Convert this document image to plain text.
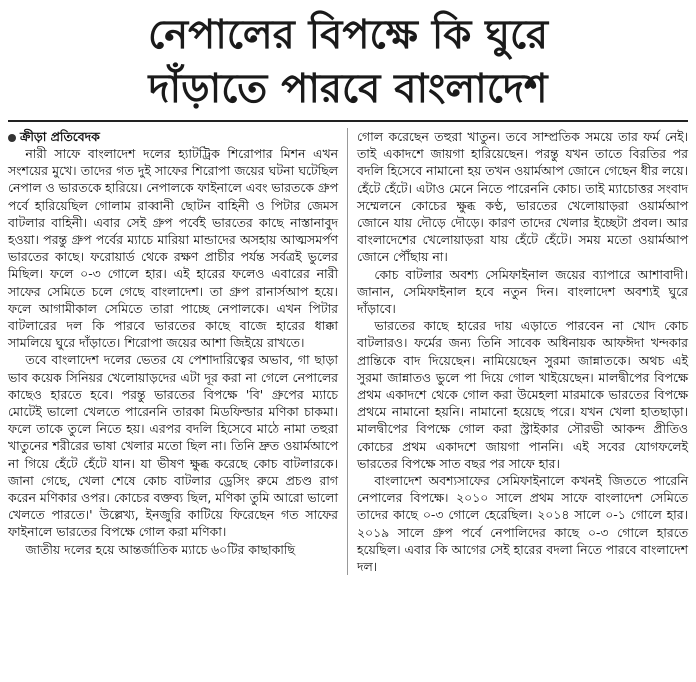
নেপালের বিপক্ষে কি ঘুরে
দাঁড়াতে পারবে বাংলাদেশ
ক্রীড়া প্রতিবেদক

নারী সাফে বাংলাদেশ দলের হ্যাটট্রিক শিরোপার মিশন এখন সংশয়ের মুখে। তাদের গত দুই সাফের শিরোপা জয়ের ঘটনা ঘটেছিল নেপাল ও ভারতকে হারিয়ে। নেপালকে ফাইনালে এবং ভারতকে গ্রুপ পর্বে হারিয়েছিল গোলাম রাব্বানী ছোটন বাহিনী ও পিটার জেমস বাটলার বাহিনী। এবার সেই গ্রুপ পর্বেই ভারতের কাছে নাস্তানাবুদ হওয়া। পরন্তু গ্রুপ পর্বের ম্যাচে মারিয়া মান্ডাদের অসহায় আত্মসমর্পণ ভারতের কাছে। ফরোয়ার্ড থেকে রক্ষণ প্রাচীর পর্যন্ত সর্বত্রই ভুলের মিছিল। ফলে ০-৩ গোলে হার। এই হারের ফলেও এবারের নারী সাফের সেমিতে চলে গেছে বাংলাদেশ। তা গ্রুপ রানার্সআপ হয়ে। ফলে আগামীকাল সেমিতে তারা পাচ্ছে নেপালকে। এখন পিটার বাটলারের দল কি পারবে ভারতের কাছে বাজে হারের ধাক্কা সামলিয়ে ঘুরে দাঁড়াতে। শিরোপা জয়ের আশা জিইয়ে রাখতে।

তবে বাংলাদেশ দলের ভেতর যে পেশাদারিত্বের অভাব, গা ছাড়া ভাব কয়েক সিনিয়র খেলোয়াড়দের এটা দূর করা না গেলে নেপালের কাছেও হারতে হবে। পরন্তু ভারতের বিপক্ষে 'বি' গ্রুপের ম্যাচে মোটেই ভালো খেলতে পারেননি তারকা মিডফিল্ডার মণিকা চাকমা। ফলে তাকে তুলে নিতে হয়। এরপর বদলি হিসেবে মাঠে নামা তহুরা খাতুনের শরীরের ভাষা খেলার মতো ছিল না। তিনি দ্রুত ওয়ার্মআপে না গিয়ে হেঁটে হেঁটে যান। যা ভীষণ ক্ষুব্ধ করেছে কোচ বাটলারকে। জানা গেছে, খেলা শেষে কোচ বাটলার ড্রেসিং রুমে প্রচণ্ড রাগ করেন মণিকার ওপর। কোচের বক্তব্য ছিল, মণিকা তুমি আরো ভালো খেলতে পারতে।' উল্লেখ্য, ইনজুরি কাটিয়ে ফিরেছেন গত সাফের ফাইনালে ভারতের বিপক্ষে গোল করা মণিকা।

জাতীয় দলের হয়ে আন্তর্জাতিক ম্যাচে ৬০টির কাছাকাছি

গোল করেছেন তহুরা খাতুন। তবে সাম্প্রতিক সময়ে তার ফর্ম নেই। তাই একাদশে জায়গা হারিয়েছেন। পরন্তু যখন তাতে বিরতির পর বদলি হিসেবে নামানো হয় তখন ওয়ার্মআপ জোনে গেছেন ধীর লয়ে। হেঁটে হেঁটে। এটাও মেনে নিতে পারেননি কোচ। তাই ম্যাচোত্তর সংবাদ সম্মেলনে কোচের ক্ষুব্ধ কণ্ঠ, ভারতের খেলোয়াড়রা ওয়ার্মআপ জোনে যায় দৌড়ে দৌড়ে। কারণ তাদের খেলার ইচ্ছেটা প্রবল। আর বাংলাদেশের খেলোয়াড়রা যায় হেঁটে হেঁটে। সময় মতো ওয়ার্মআপ জোনে পৌঁছায় না।

কোচ বাটলার অবশ্য সেমিফাইনাল জয়ের ব্যাপারে আশাবাদী। জানান, সেমিফাইনাল হবে নতুন দিন। বাংলাদেশ অবশ্যই ঘুরে দাঁড়াবে।

ভারতের কাছে হারের দায় এড়াতে পারবেন না খোদ কোচ বাটলারও। ফর্মের জন্য তিনি সাবেক অধিনায়ক আফঈদা খন্দকার প্রান্তিকে বাদ দিয়েছেন। নামিয়েছেন সুরমা জান্নাতকে। অথচ এই সুরমা জান্নাতও ভুলে পা দিয়ে গোল খাইয়েছেন। মালদ্বীপের বিপক্ষে প্রথম একাদশে থেকে গোল করা উমেহলা মারমাকে ভারতের বিপক্ষে প্রথমে নামানো হয়নি। নামানো হয়েছে পরে। যখন খেলা হাতছাড়া। মালদ্বীপের বিপক্ষে গোল করা স্ট্রাইকার সৌরভী আকন্দ প্রীতিও কোচের প্রথম একাদশে জায়গা পাননি। এই সবের যোগফলেই ভারতের বিপক্ষে সাত বছর পর সাফে হার।

বাংলাদেশ অবশ্যসাফের সেমিফাইনালে কখনই জিততে পারেনি নেপালের বিপক্ষে। ২০১০ সালে প্রথম সাফে বাংলাদেশ সেমিতে তাদের কাছে ০-৩ গোলে হেরেছিল। ২০১৪ সালে ০-১ গোলে হার। ২০১৯ সালে গ্রুপ পর্বে নেপালিদের কাছে ০-৩ গোলে হারতে হয়েছিল। এবার কি আগের সেই হারের বদলা নিতে পারবে বাংলাদেশ দল।
